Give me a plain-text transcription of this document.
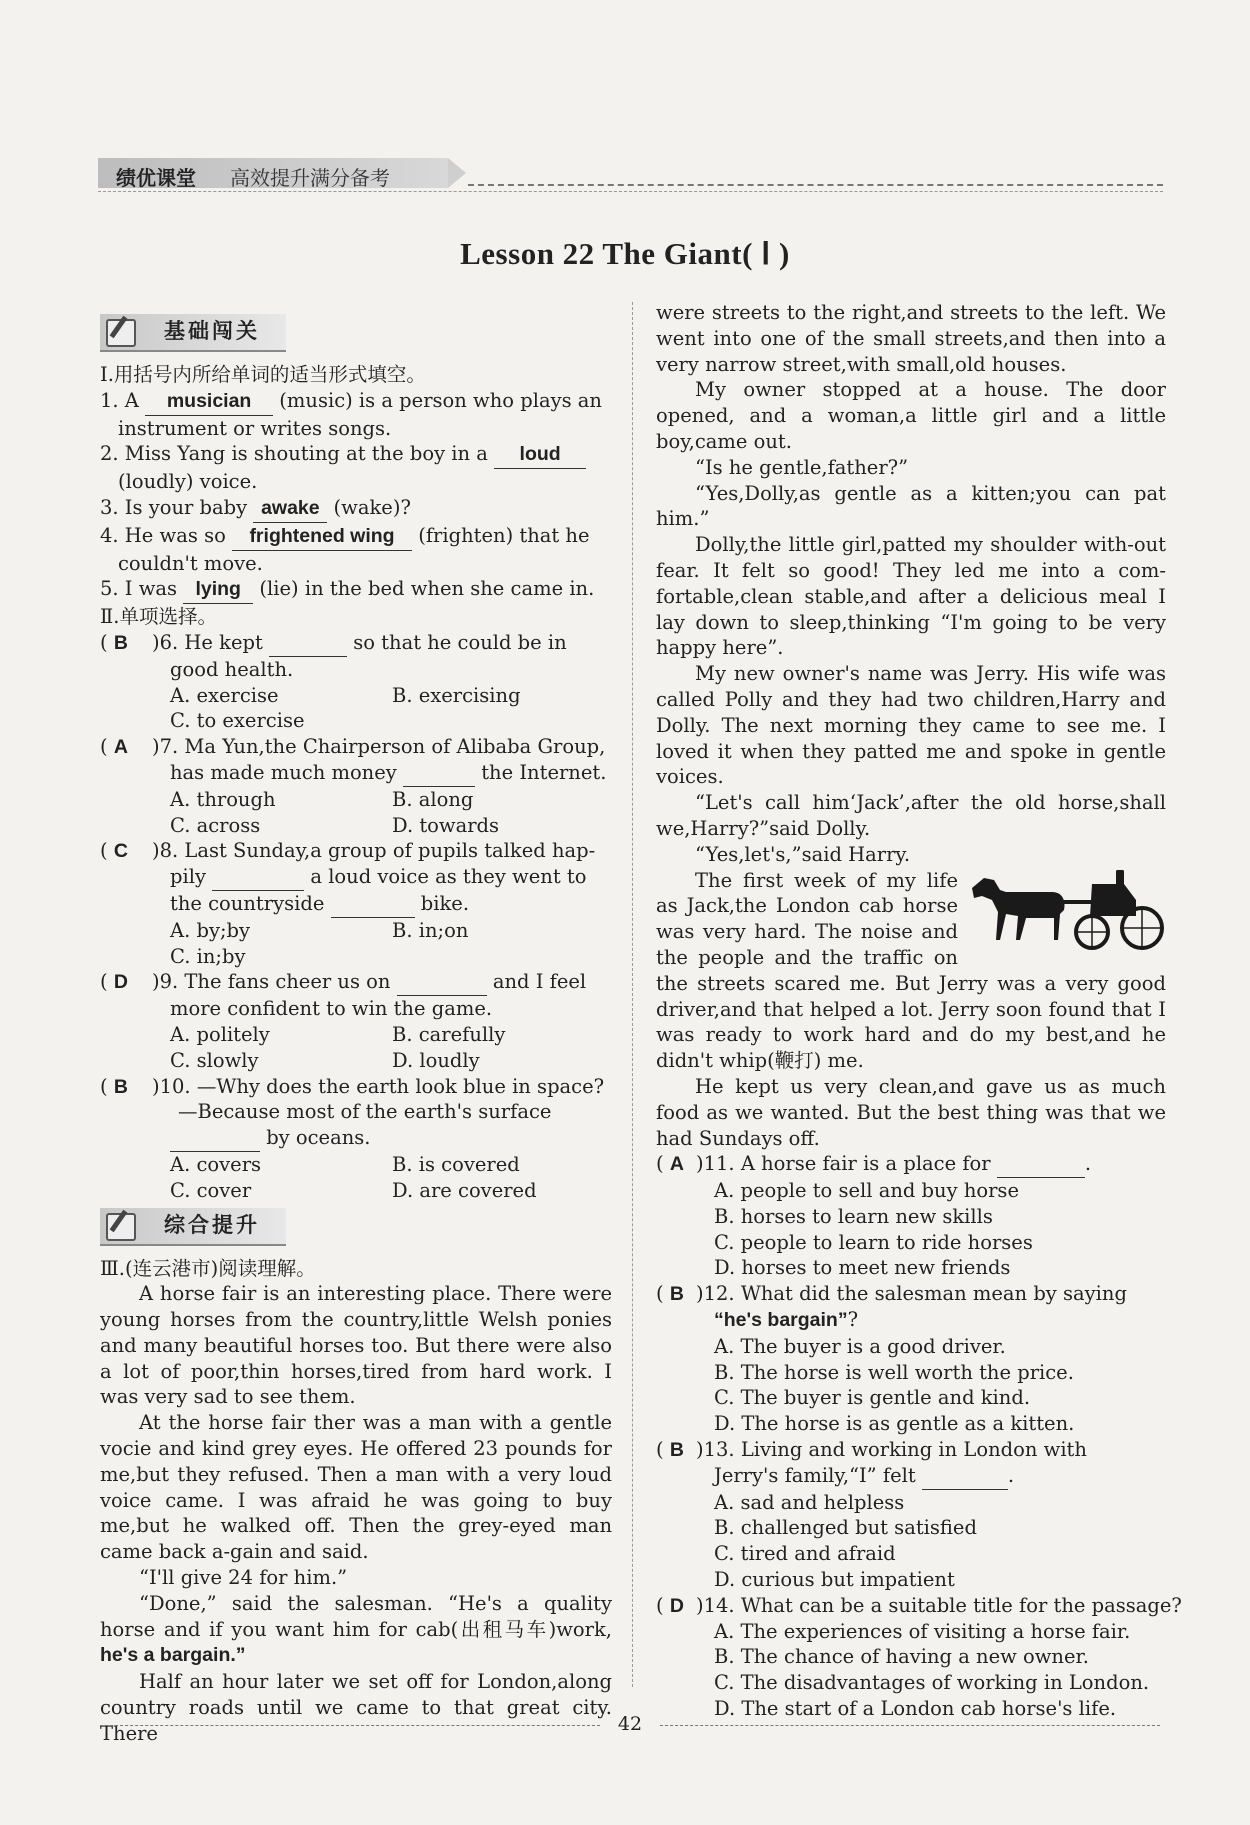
绩优课堂 高效提升满分备考
Lesson 22 The Giant( Ⅰ )
基础闯关
Ⅰ.用括号内所给单词的适当形式填空。
1. A musician (music) is a person who plays an
instrument or writes songs.
2. Miss Yang is shouting at the boy in a loud
(loudly) voice.
3. Is your baby awake (wake)?
4. He was so frightened wing (frighten) that he
couldn't move.
5. I was lying (lie) in the bed when she came in.
Ⅱ.单项选择。
( B	)6. He kept	so that he could be in
good health.
A. exercise	B. exercising
C. to exercise
( A	)7. Ma Yun,the Chairperson of Alibaba Group,
has made much money	the Internet.
A. through	B. along
C. across	D. towards
( C	)8. Last Sunday,a group of pupils talked hap-
pily	a loud voice as they went to
the countryside	bike.
A. by;by	B. in;on
C. in;by
( D	)9. The fans cheer us on	and I feel
more confident to win the game.
A. politely	B. carefully
C. slowly	D. loudly
( B	)10. —Why does the earth look blue in space?
—Because most of the earth's surface
by oceans.
A. covers	B. is covered
C. cover	D. are covered
综合提升
Ⅲ.(连云港市)阅读理解。
A horse fair is an interesting place. There were young horses from the country,little Welsh ponies and many beautiful horses too. But there were also a lot of poor,thin horses,tired from hard work. I was very sad to see them.
At the horse fair ther was a man with a gentle vocie and kind grey eyes. He offered 23 pounds for me,but they refused. Then a man with a very loud voice came. I was afraid he was going to buy me,but he walked off. Then the grey-eyed man came back a-gain and said.
“I'll give 24 for him.”
“Done,” said the salesman. “He's a quality horse and if you want him for cab(出租马车)work, he's a bargain.”
Half an hour later we set off for London,along country roads until we came to that great city. There
were streets to the right,and streets to the left. We went into one of the small streets,and then into a very narrow street,with small,old houses.
My owner stopped at a house. The door opened, and a woman,a little girl and a little boy,came out.
“Is he gentle,father?”
“Yes,Dolly,as gentle as a kitten;you can pat him.”
Dolly,the little girl,patted my shoulder with-out fear. It felt so good! They led me into a com-fortable,clean stable,and after a delicious meal I lay down to sleep,thinking “I'm going to be very happy here”.
My new owner's name was Jerry. His wife was called Polly and they had two children,Harry and Dolly. The next morning they came to see me. I loved it when they patted me and spoke in gentle voices.
“Let's call him‘Jack’,after the old horse,shall we,Harry?”said Dolly.
“Yes,let's,”said Harry.
The first week of my life as Jack,the London cab horse was very hard. The noise and the people and the traffic on the streets scared me. But Jerry was a very good driver,and that helped a lot. Jerry soon found that I was ready to work hard and do my best,and he didn't whip(鞭打) me.
He kept us very clean,and gave us as much food as we wanted. But the best thing was that we had Sundays off.
( A )11. A horse fair is a place for	.
A. people to sell and buy horse
B. horses to learn new skills
C. people to learn to ride horses
D. horses to meet new friends
( B )12. What did the salesman mean by saying
“he's bargain”?
A. The buyer is a good driver.
B. The horse is well worth the price.
C. The buyer is gentle and kind.
D. The horse is as gentle as a kitten.
( B )13. Living and working in London with
Jerry's family,“I” felt	.
A. sad and helpless
B. challenged but satisfied
C. tired and afraid
D. curious but impatient
( D )14. What can be a suitable title for the passage?
A. The experiences of visiting a horse fair.
B. The chance of having a new owner.
C. The disadvantages of working in London.
D. The start of a London cab horse's life.
42
